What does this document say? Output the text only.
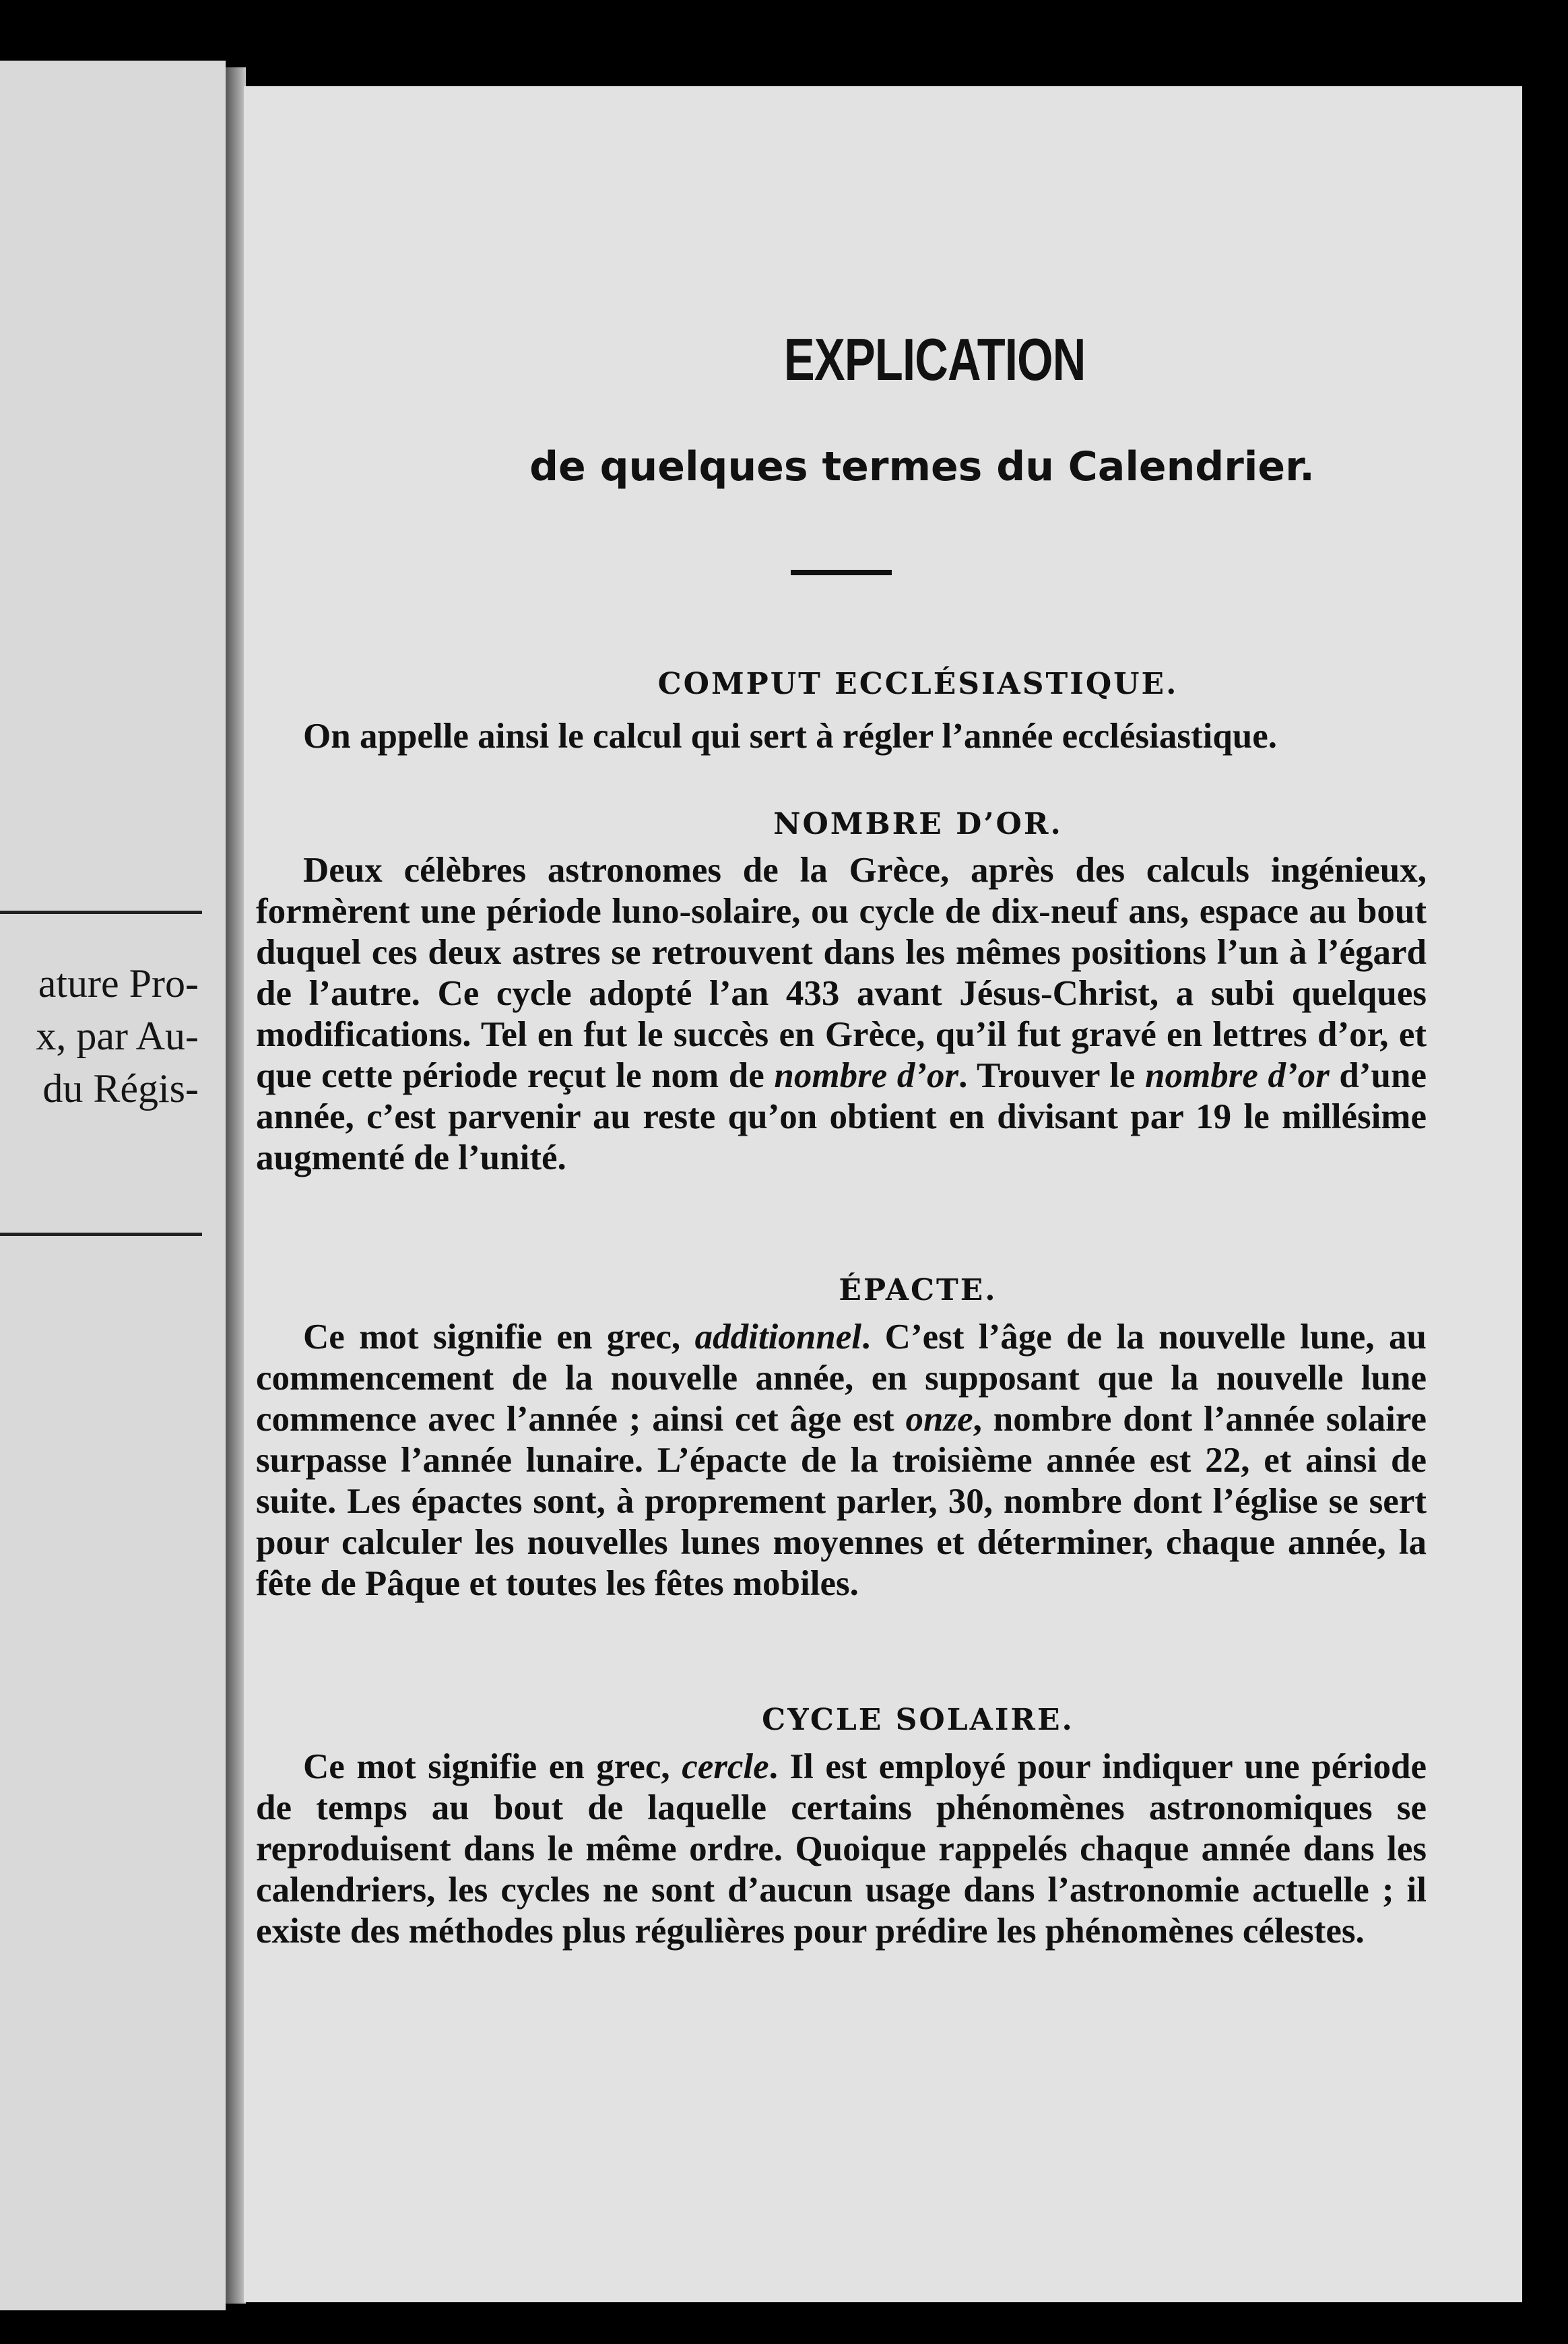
ature Pro-
x, par Au-
du Régis-
EXPLICATION
de quelques termes du Calendrier.
COMPUT ECCLÉSIASTIQUE.
On appelle ainsi le calcul qui sert à régler l’année ecclésiastique.
NOMBRE D’OR.
Deux célèbres astronomes de la Grèce, après des calculs ingénieux, formèrent une période luno-solaire, ou cycle de dix-neuf ans, espace au bout duquel ces deux astres se retrouvent dans les mêmes positions l’un à l’égard de l’autre. Ce cycle adopté l’an 433 avant Jésus-Christ, a subi quelques modifications. Tel en fut le succès en Grèce, qu’il fut gravé en lettres d’or, et que cette période reçut le nom de nombre d’or. Trouver le nombre d’or d’une année, c’est parvenir au reste qu’on obtient en divisant par 19 le millésime augmenté de l’unité.
ÉPACTE.
Ce mot signifie en grec, additionnel. C’est l’âge de la nouvelle lune, au commencement de la nouvelle année, en supposant que la nouvelle lune commence avec l’année ; ainsi cet âge est onze, nombre dont l’année solaire surpasse l’année lunaire. L’épacte de la troisième année est 22, et ainsi de suite. Les épactes sont, à proprement parler, 30, nombre dont l’église se sert pour calculer les nouvelles lunes moyennes et déterminer, chaque année, la fête de Pâque et toutes les fêtes mobiles.
CYCLE SOLAIRE.
Ce mot signifie en grec, cercle. Il est employé pour indiquer une période de temps au bout de laquelle certains phénomènes astronomiques se reproduisent dans le même ordre. Quoique rappelés chaque année dans les calendriers, les cycles ne sont d’aucun usage dans l’astronomie actuelle ; il existe des méthodes plus régulières pour prédire les phénomènes célestes.
